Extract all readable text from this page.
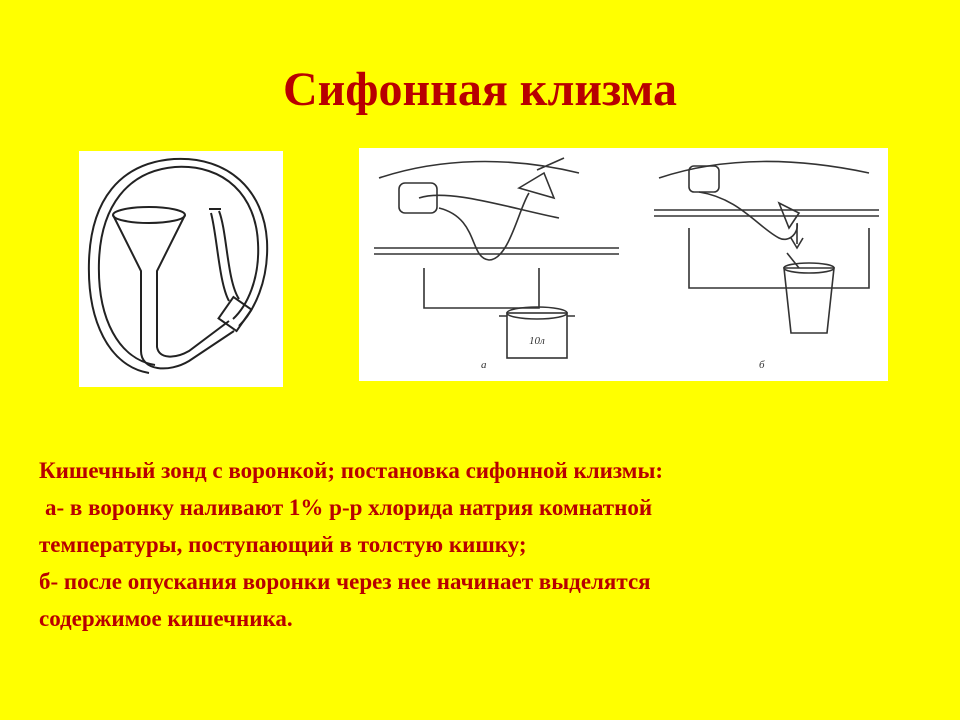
Сифонная клизма
а	б
10л
Кишечный зонд с воронкой; постановка сифонной клизмы:
а- в воронку наливают 1% р-р хлорида натрия комнатной
температуры, поступающий в толстую кишку;
б- после опускания воронки через нее начинает выделятся
содержимое кишечника.
